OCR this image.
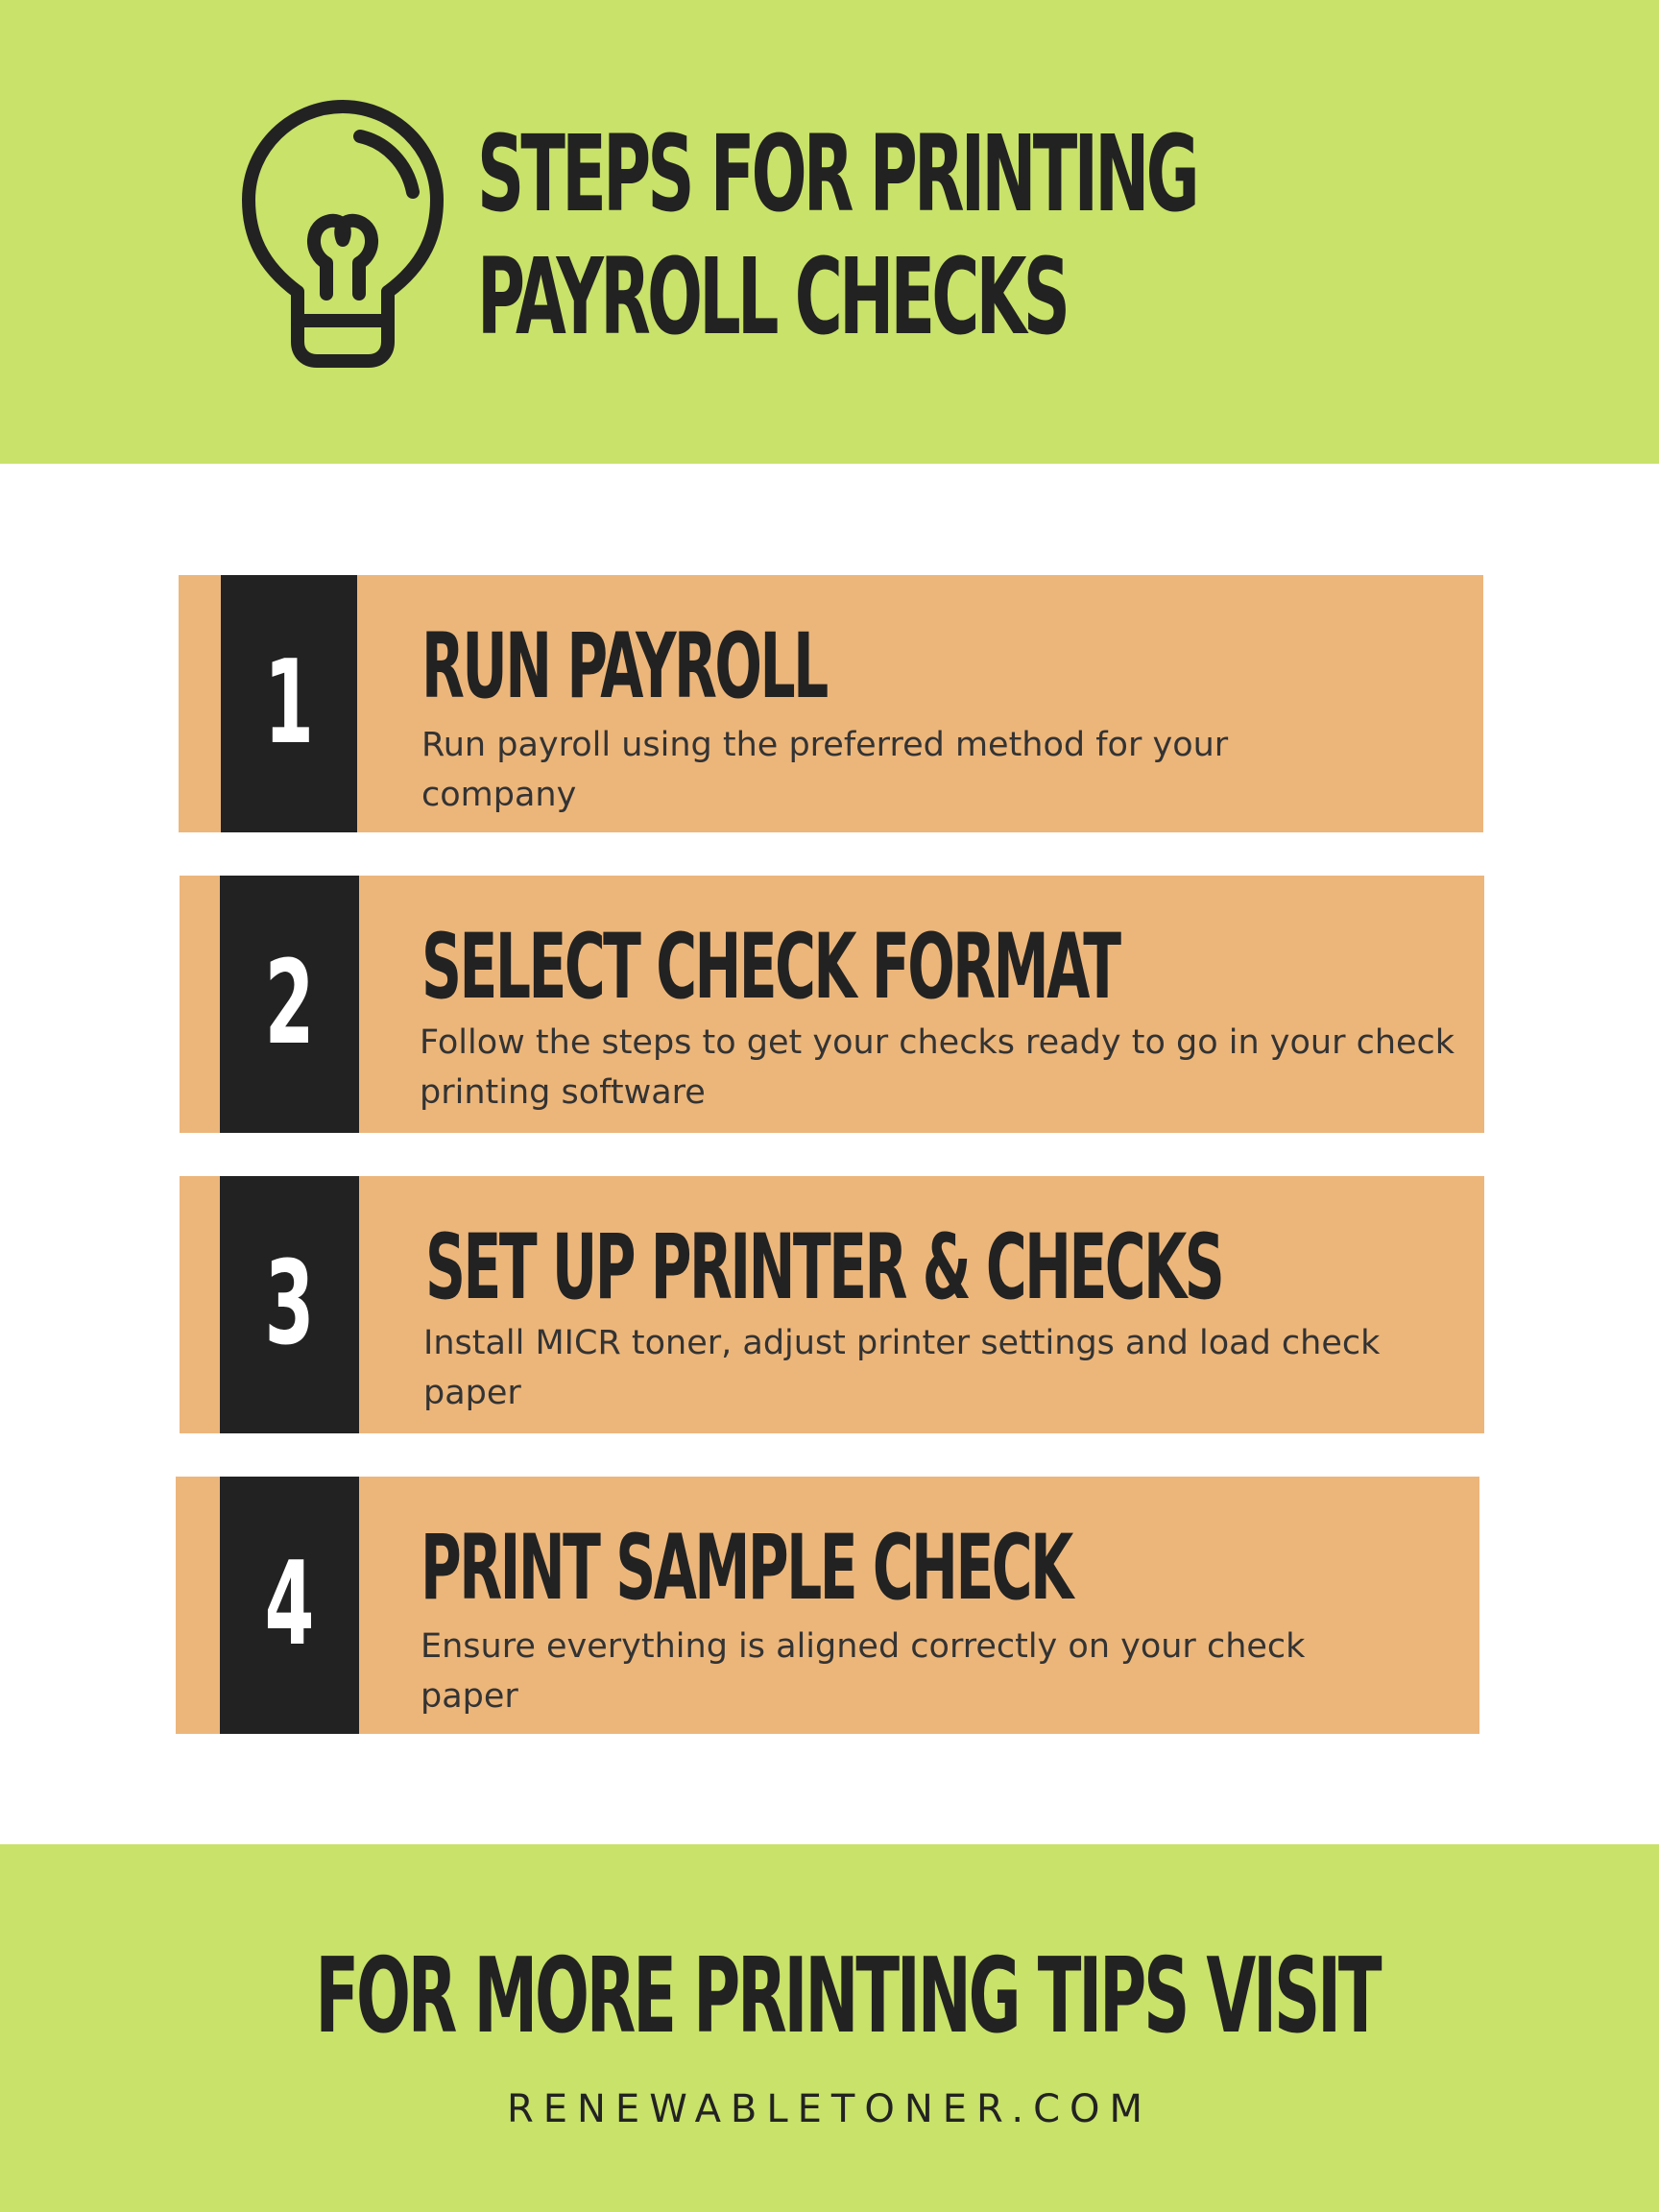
STEPS FOR PRINTING
PAYROLL CHECKS
1 RUN PAYROLL

Run payroll using the preferred method for your company

2 SELECT CHECK FORMAT

Follow the steps to get your checks ready to go in your check printing software

3 SET UP PRINTER & CHECKS

Install MICR toner, adjust printer settings and load check paper

4 PRINT SAMPLE CHECK

Ensure everything is aligned correctly on your check paper

FOR MORE PRINTING TIPS VISIT
RENEWABLETONER.COM
